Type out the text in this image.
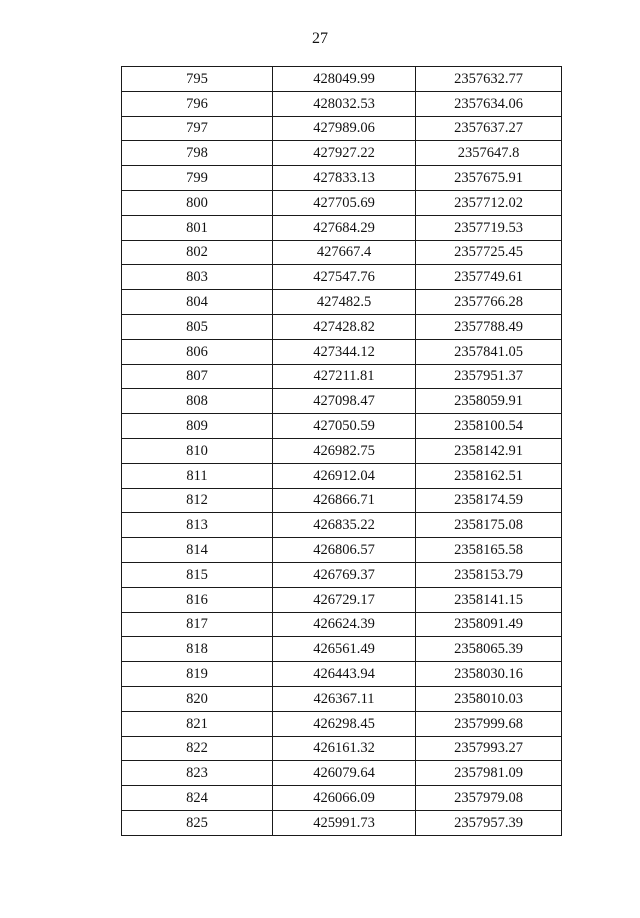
27
795	428049.99	2357632.77
796	428032.53	2357634.06
797	427989.06	2357637.27
798	427927.22	2357647.8
799	427833.13	2357675.91
800	427705.69	2357712.02
801	427684.29	2357719.53
802	427667.4	2357725.45
803	427547.76	2357749.61
804	427482.5	2357766.28
805	427428.82	2357788.49
806	427344.12	2357841.05
807	427211.81	2357951.37
808	427098.47	2358059.91
809	427050.59	2358100.54
810	426982.75	2358142.91
811	426912.04	2358162.51
812	426866.71	2358174.59
813	426835.22	2358175.08
814	426806.57	2358165.58
815	426769.37	2358153.79
816	426729.17	2358141.15
817	426624.39	2358091.49
818	426561.49	2358065.39
819	426443.94	2358030.16
820	426367.11	2358010.03
821	426298.45	2357999.68
822	426161.32	2357993.27
823	426079.64	2357981.09
824	426066.09	2357979.08
825	425991.73	2357957.39
